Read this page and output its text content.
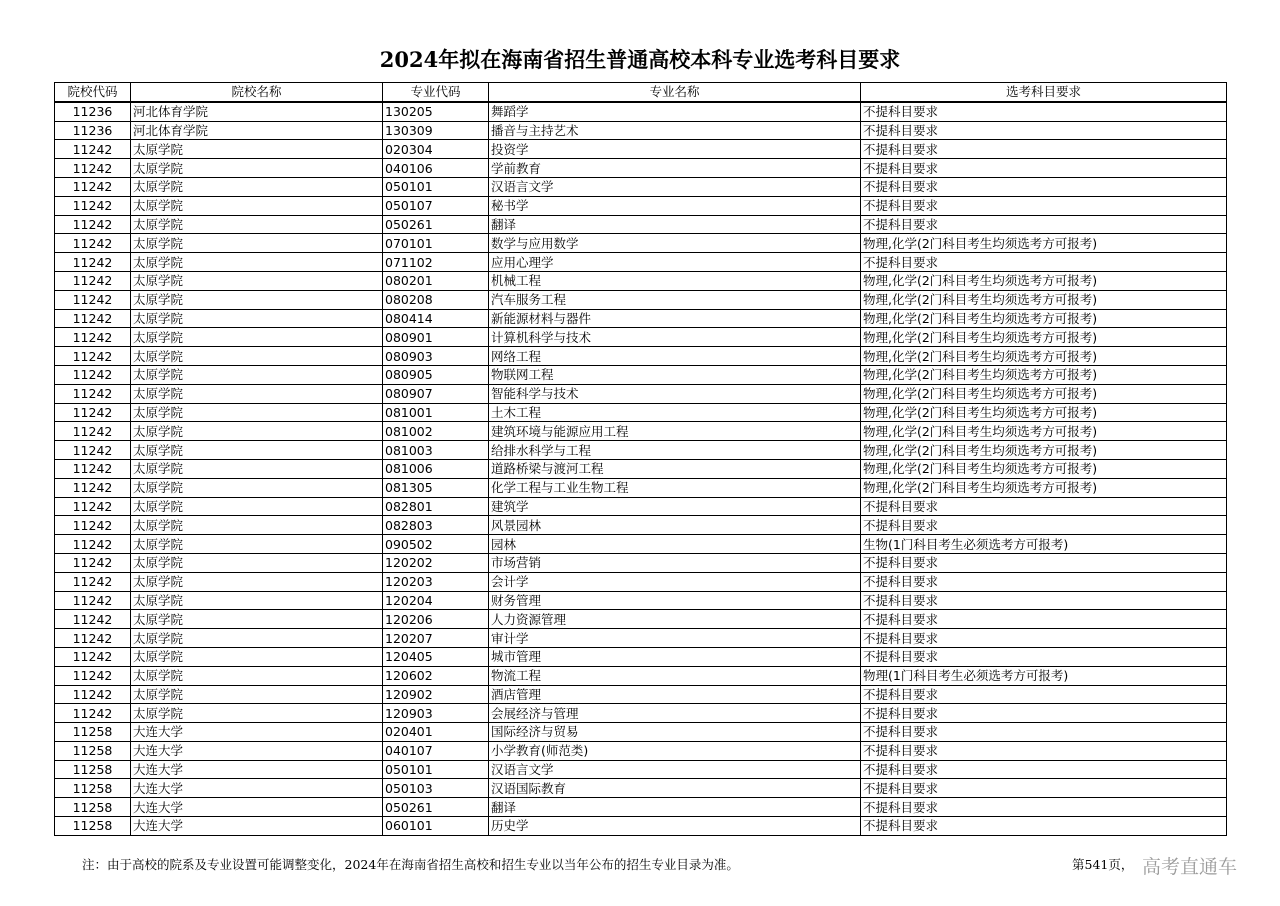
2024年拟在海南省招生普通高校本科专业选考科目要求
院校代码	院校名称	专业代码	专业名称	选考科目要求
11236	河北体育学院	130205	舞蹈学	不提科目要求
11236	河北体育学院	130309	播音与主持艺术	不提科目要求
11242	太原学院	020304	投资学	不提科目要求
11242	太原学院	040106	学前教育	不提科目要求
11242	太原学院	050101	汉语言文学	不提科目要求
11242	太原学院	050107	秘书学	不提科目要求
11242	太原学院	050261	翻译	不提科目要求
11242	太原学院	070101	数学与应用数学	物理,化学(2门科目考生均须选考方可报考)
11242	太原学院	071102	应用心理学	不提科目要求
11242	太原学院	080201	机械工程	物理,化学(2门科目考生均须选考方可报考)
11242	太原学院	080208	汽车服务工程	物理,化学(2门科目考生均须选考方可报考)
11242	太原学院	080414	新能源材料与器件	物理,化学(2门科目考生均须选考方可报考)
11242	太原学院	080901	计算机科学与技术	物理,化学(2门科目考生均须选考方可报考)
11242	太原学院	080903	网络工程	物理,化学(2门科目考生均须选考方可报考)
11242	太原学院	080905	物联网工程	物理,化学(2门科目考生均须选考方可报考)
11242	太原学院	080907	智能科学与技术	物理,化学(2门科目考生均须选考方可报考)
11242	太原学院	081001	土木工程	物理,化学(2门科目考生均须选考方可报考)
11242	太原学院	081002	建筑环境与能源应用工程	物理,化学(2门科目考生均须选考方可报考)
11242	太原学院	081003	给排水科学与工程	物理,化学(2门科目考生均须选考方可报考)
11242	太原学院	081006	道路桥梁与渡河工程	物理,化学(2门科目考生均须选考方可报考)
11242	太原学院	081305	化学工程与工业生物工程	物理,化学(2门科目考生均须选考方可报考)
11242	太原学院	082801	建筑学	不提科目要求
11242	太原学院	082803	风景园林	不提科目要求
11242	太原学院	090502	园林	生物(1门科目考生必须选考方可报考)
11242	太原学院	120202	市场营销	不提科目要求
11242	太原学院	120203	会计学	不提科目要求
11242	太原学院	120204	财务管理	不提科目要求
11242	太原学院	120206	人力资源管理	不提科目要求
11242	太原学院	120207	审计学	不提科目要求
11242	太原学院	120405	城市管理	不提科目要求
11242	太原学院	120602	物流工程	物理(1门科目考生必须选考方可报考)
11242	太原学院	120902	酒店管理	不提科目要求
11242	太原学院	120903	会展经济与管理	不提科目要求
11258	大连大学	020401	国际经济与贸易	不提科目要求
11258	大连大学	040107	小学教育(师范类)	不提科目要求
11258	大连大学	050101	汉语言文学	不提科目要求
11258	大连大学	050103	汉语国际教育	不提科目要求
11258	大连大学	050261	翻译	不提科目要求
11258	大连大学	060101	历史学	不提科目要求
注：由于高校的院系及专业设置可能调整变化，2024年在海南省招生高校和招生专业以当年公布的招生专业目录为准。	第541页， 高考直通车
